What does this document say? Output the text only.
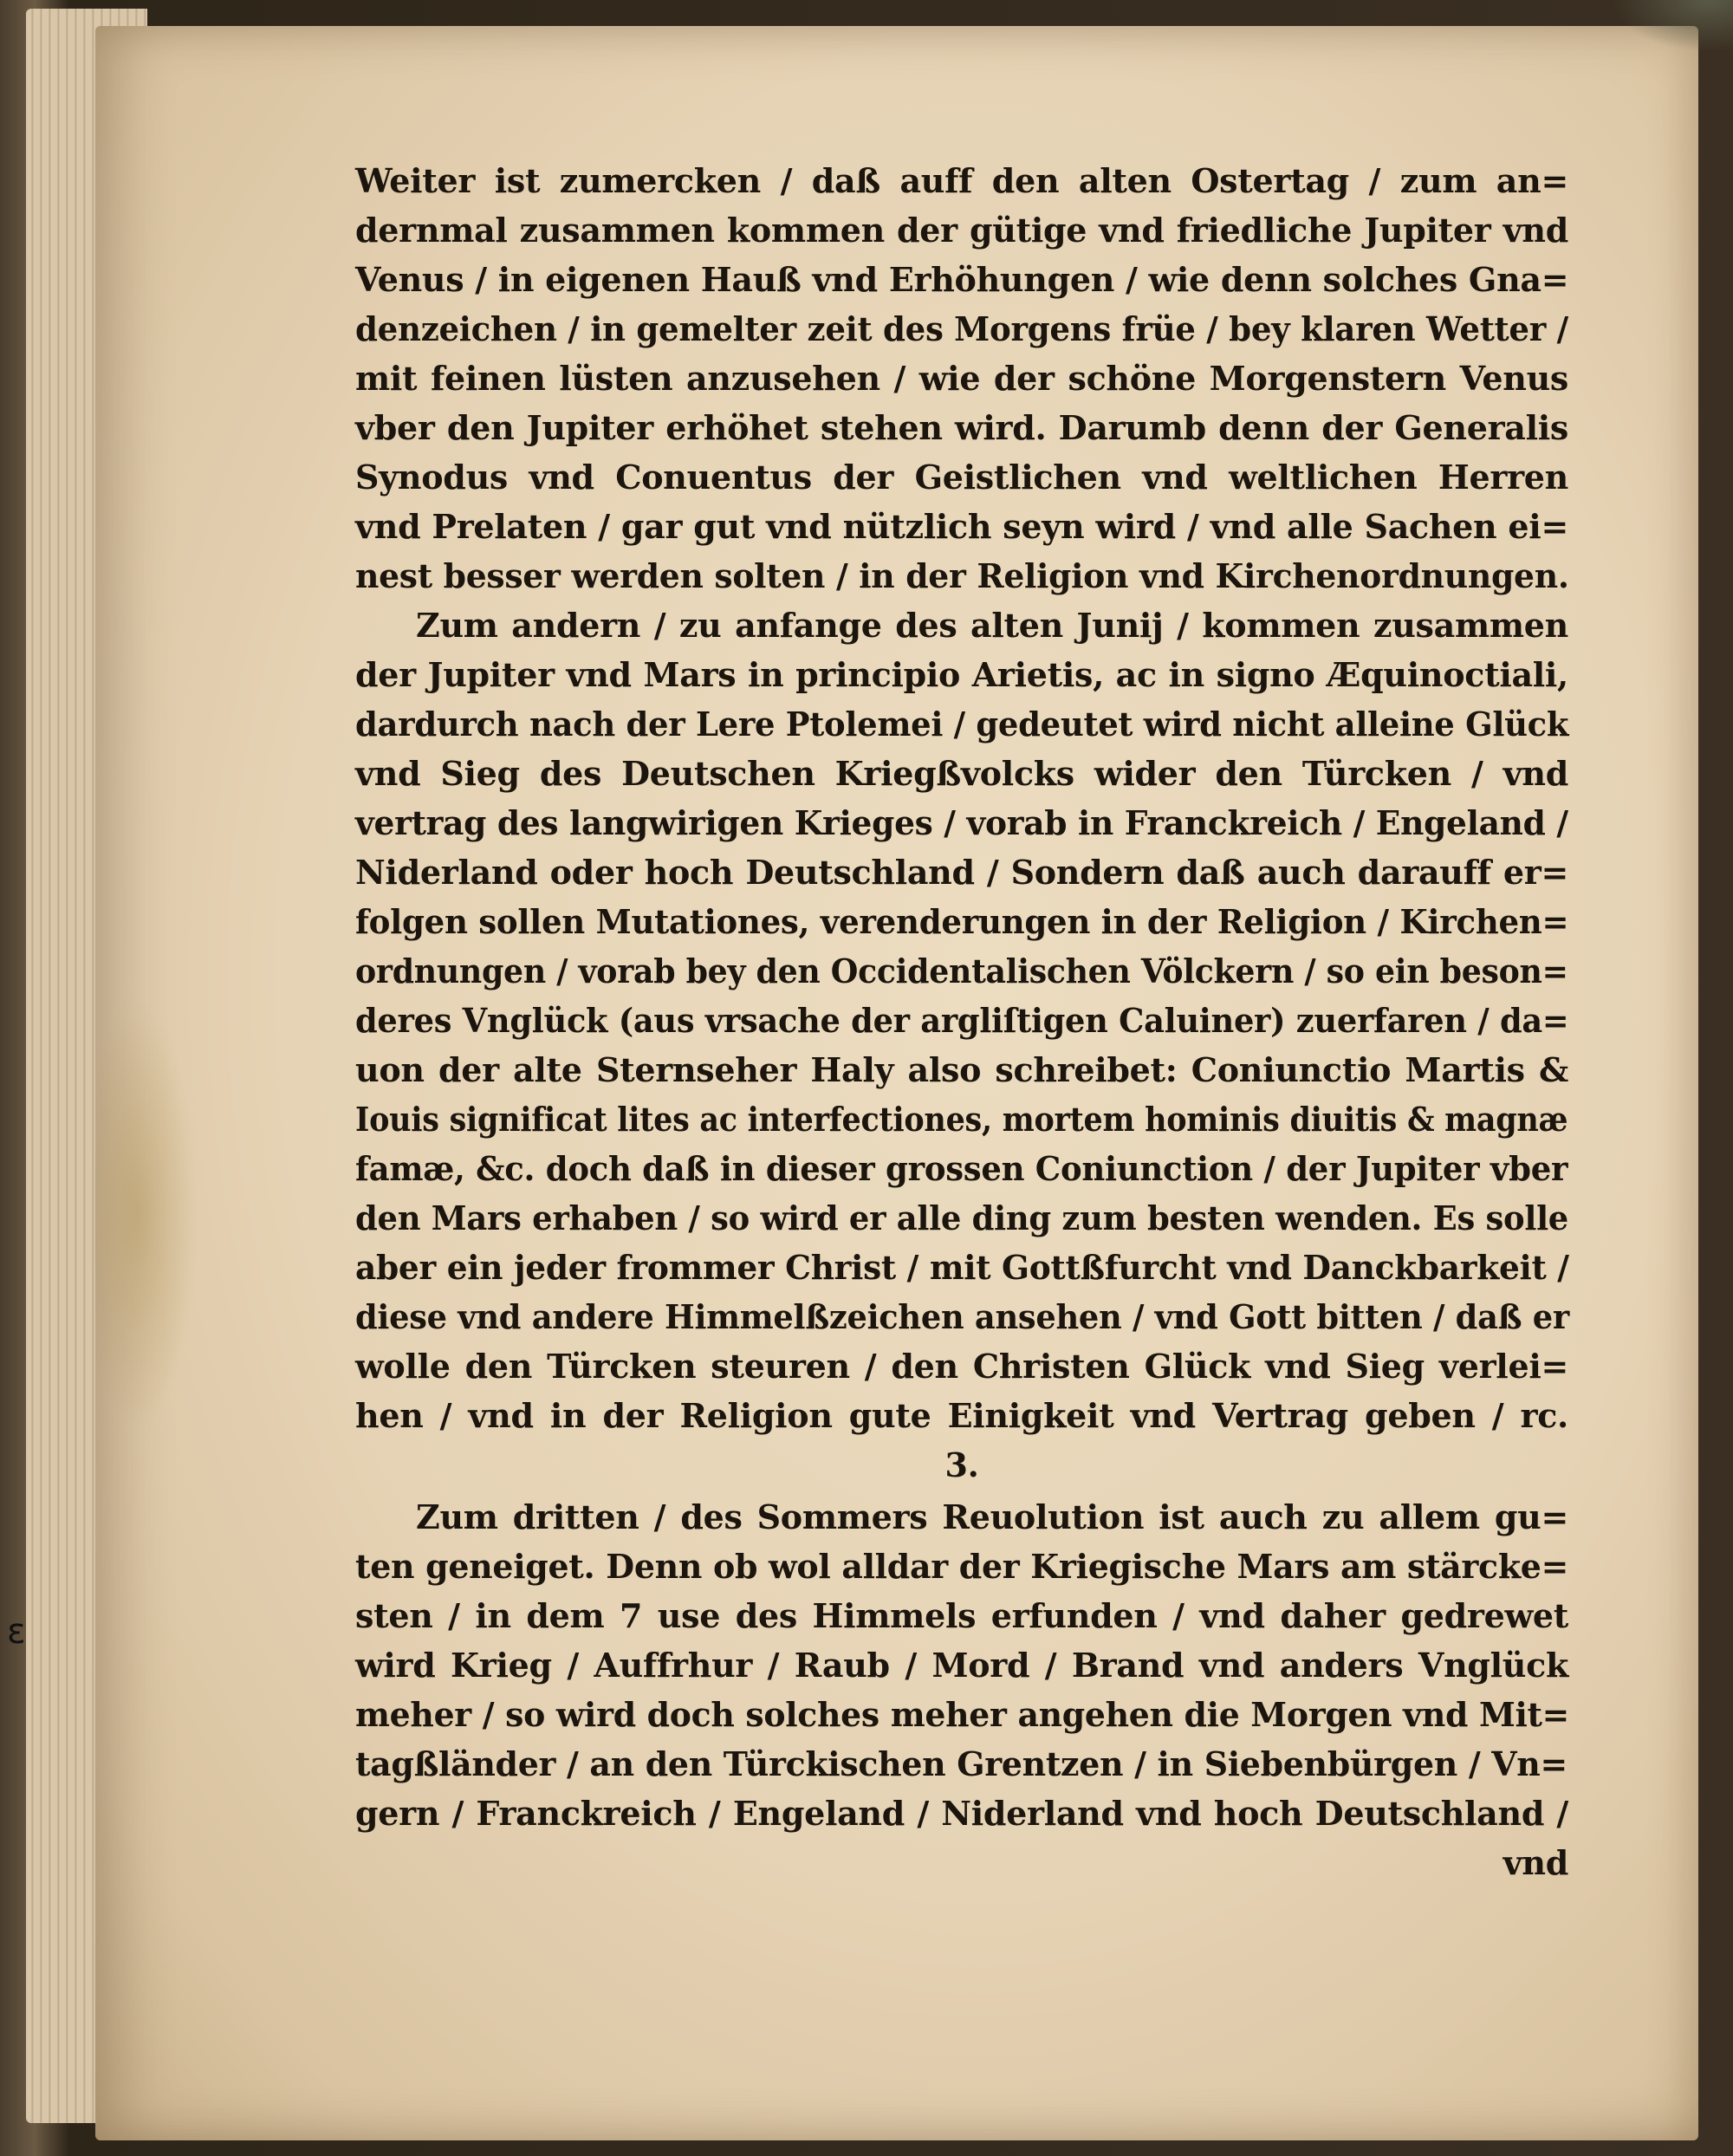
ɛ
Weiter ist zumercken / daß auff den alten Ostertag / zum an=
dernmal zusammen kommen der gütige vnd friedliche Jupiter vnd
Venus / in eigenen Hauß vnd Erhöhungen / wie denn solches Gna=
denzeichen / in gemelter zeit des Morgens früe / bey klaren Wetter /
mit feinen lüsten anzusehen / wie der schöne Morgenstern Venus
vber den Jupiter erhöhet stehen wird. Darumb denn der Generalis
Synodus vnd Conuentus der Geistlichen vnd weltlichen Herren
vnd Prelaten / gar gut vnd nützlich seyn wird / vnd alle Sachen ei=
nest besser werden solten / in der Religion vnd Kirchenordnungen.
Zum andern / zu anfange des alten Junij / kommen zusammen
der Jupiter vnd Mars in principio Arietis, ac in signo Æquinoctiali,
dardurch nach der Lere Ptolemei / gedeutet wird nicht alleine Glück
vnd Sieg des Deutschen Kriegßvolcks wider den Türcken / vnd
vertrag des langwirigen Krieges / vorab in Franckreich / Engeland /
Niderland oder hoch Deutschland / Sondern daß auch darauff er=
folgen sollen Mutationes, verenderungen in der Religion / Kirchen=
ordnungen / vorab bey den Occidentalischen Völckern / so ein beson=
deres Vnglück (aus vrsache der argliſtigen Caluiner) zuerfaren / da=
uon der alte Sternseher Haly also schreibet: Coniunctio Martis &
Iouis significat lites ac interfectiones, mortem hominis diuitis & magnæ
famæ, &c. doch daß in dieser grossen Coniunction / der Jupiter vber
den Mars erhaben / so wird er alle ding zum besten wenden. Es solle
aber ein jeder frommer Christ / mit Gottßfurcht vnd Danckbarkeit /
diese vnd andere Himmelßzeichen ansehen / vnd Gott bitten / daß er
wolle den Türcken steuren / den Christen Glück vnd Sieg verlei=
hen / vnd in der Religion gute Einigkeit vnd Vertrag geben / rc.
3.
Zum dritten / des Sommers Reuolution ist auch zu allem gu=
ten geneiget. Denn ob wol alldar der Kriegische Mars am stärcke=
sten / in dem 7 use des Himmels erfunden / vnd daher gedrewet
wird Krieg / Auffrhur / Raub / Mord / Brand vnd anders Vnglück
meher / so wird doch solches meher angehen die Morgen vnd Mit=
tagßländer / an den Türckischen Grentzen / in Siebenbürgen / Vn=
gern / Franckreich / Engeland / Niderland vnd hoch Deutschland /
vnd
